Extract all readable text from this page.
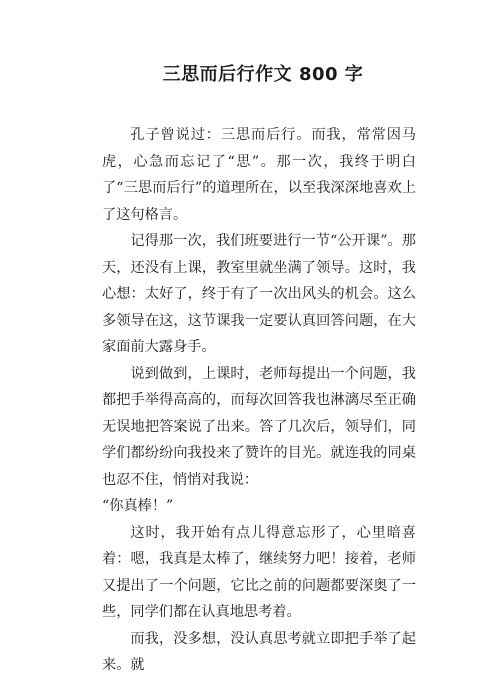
三思而后行作文 800 字

孔子曾说过：三思而后行。而我，常常因马虎，心急而忘记了“思”。那一次，我终于明白了“三思而后行”的道理所在，以至我深深地喜欢上了这句格言。

记得那一次，我们班要进行一节“公开课”。那天，还没有上课，教室里就坐满了领导。这时，我心想：太好了，终于有了一次出风头的机会。这么多领导在这，这节课我一定要认真回答问题，在大家面前大露身手。

说到做到，上课时，老师每提出一个问题，我都把手举得高高的，而每次回答我也淋漓尽至正确无误地把答案说了出来。答了几次后，领导们，同学们都纷纷向我投来了赞许的目光。就连我的同桌也忍不住，悄悄对我说：

“你真棒！”

这时，我开始有点儿得意忘形了，心里暗喜着：嗯，我真是太棒了，继续努力吧！接着，老师又提出了一个问题，它比之前的问题都要深奥了一些，同学们都在认真地思考着。

而我，没多想，没认真思考就立即把手举了起来。就
